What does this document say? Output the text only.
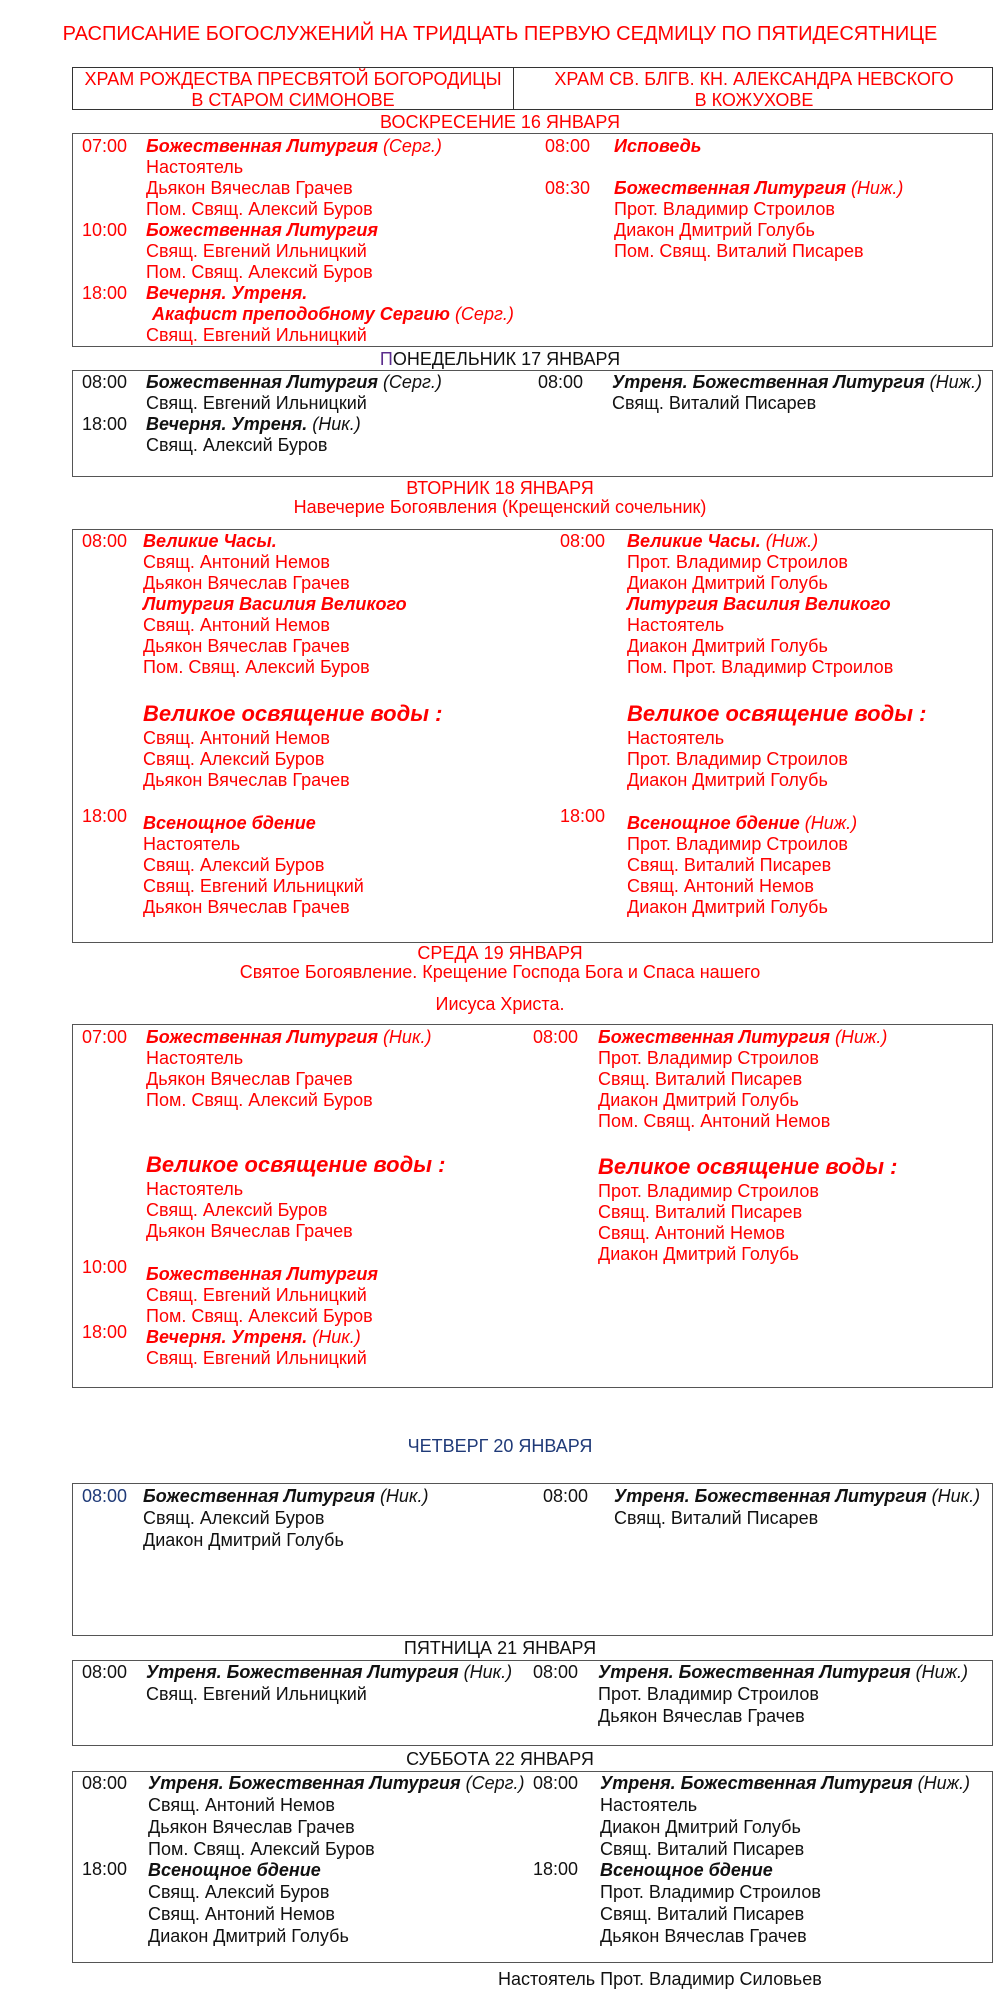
РАСПИСАНИЕ БОГОСЛУЖЕНИЙ НА ТРИДЦАТЬ ПЕРВУЮ СЕДМИЦУ ПО ПЯТИДЕСЯТНИЦЕ
ХРАМ РОЖДЕСТВА ПРЕСВЯТОЙ БОГОРОДИЦЫ
В СТАРОМ СИМОНОВЕ
ХРАМ СВ. БЛГВ. КН. АЛЕКСАНДРА НЕВСКОГО
В КОЖУХОВЕ
ВОСКРЕСЕНИЕ 16 ЯНВАРЯ
07:00 Божественная Литургия (Серг.)
Настоятель
Дьякон Вячеслав Грачев
Пом. Свящ. Алексий Буров
10:00 Божественная Литургия
Свящ. Евгений Ильницкий
Пом. Свящ. Алексий Буров
18:00 Вечерня. Утреня.
Акафист преподобному Сергию (Серг.)
Свящ. Евгений Ильницкий
08:00 Исповедь
08:30 Божественная Литургия (Ниж.)
Прот. Владимир Строилов
Диакон Дмитрий Голубь
Пом. Свящ. Виталий Писарев
ПОНЕДЕЛЬНИК 17 ЯНВАРЯ
08:00 Божественная Литургия (Серг.)
Свящ. Евгений Ильницкий
18:00 Вечерня. Утреня. (Ник.)
Свящ. Алексий Буров
08:00 Утреня. Божественная Литургия (Ниж.)
Свящ. Виталий Писарев
ВТОРНИК 18 ЯНВАРЯ
Навечерие Богоявления (Крещенский сочельник)
08:00 Великие Часы.
Свящ. Антоний Немов
Дьякон Вячеслав Грачев
Литургия Василия Великого
Свящ. Антоний Немов
Дьякон Вячеслав Грачев
Пом. Свящ. Алексий Буров
Великое освящение воды :
Свящ. Антоний Немов
Свящ. Алексий Буров
Дьякон Вячеслав Грачев
18:00 Всенощное бдение
Настоятель
Свящ. Алексий Буров
Свящ. Евгений Ильницкий
Дьякон Вячеслав Грачев
08:00 Великие Часы. (Ниж.)
Прот. Владимир Строилов
Диакон Дмитрий Голубь
Литургия Василия Великого
Настоятель
Диакон Дмитрий Голубь
Пом. Прот. Владимир Строилов
Великое освящение воды :
Настоятель
Прот. Владимир Строилов
Диакон Дмитрий Голубь
18:00 Всенощное бдение (Ниж.)
Прот. Владимир Строилов
Свящ. Виталий Писарев
Свящ. Антоний Немов
Диакон Дмитрий Голубь
СРЕДА 19 ЯНВАРЯ
Святое Богоявление. Крещение Господа Бога и Спаса нашего
Иисуса Христа.
07:00 Божественная Литургия (Ник.)
Настоятель
Дьякон Вячеслав Грачев
Пом. Свящ. Алексий Буров
Великое освящение воды :
Настоятель
Свящ. Алексий Буров
Дьякон Вячеслав Грачев
10:00 Божественная Литургия
Свящ. Евгений Ильницкий
Пом. Свящ. Алексий Буров
18:00 Вечерня. Утреня. (Ник.)
Свящ. Евгений Ильницкий
08:00 Божественная Литургия (Ниж.)
Прот. Владимир Строилов
Свящ. Виталий Писарев
Диакон Дмитрий Голубь
Пом. Свящ. Антоний Немов
Великое освящение воды :
Прот. Владимир Строилов
Свящ. Виталий Писарев
Свящ. Антоний Немов
Диакон Дмитрий Голубь
ЧЕТВЕРГ 20 ЯНВАРЯ
08:00 Божественная Литургия (Ник.)
Свящ. Алексий Буров
Диакон Дмитрий Голубь
08:00 Утреня. Божественная Литургия (Ник.)
Свящ. Виталий Писарев
ПЯТНИЦА 21 ЯНВАРЯ
08:00 Утреня. Божественная Литургия (Ник.)
Свящ. Евгений Ильницкий
08:00 Утреня. Божественная Литургия (Ниж.)
Прот. Владимир Строилов
Дьякон Вячеслав Грачев
СУББОТА 22 ЯНВАРЯ
08:00 Утреня. Божественная Литургия (Серг.)
Свящ. Антоний Немов
Дьякон Вячеслав Грачев
Пом. Свящ. Алексий Буров
18:00 Всенощное бдение
Свящ. Алексий Буров
Свящ. Антоний Немов
Диакон Дмитрий Голубь
08:00 Утреня. Божественная Литургия (Ниж.)
Настоятель
Диакон Дмитрий Голубь
Свящ. Виталий Писарев
18:00 Всенощное бдение
Прот. Владимир Строилов
Свящ. Виталий Писарев
Дьякон Вячеслав Грачев
Настоятель Прот. Владимир Силовьев
